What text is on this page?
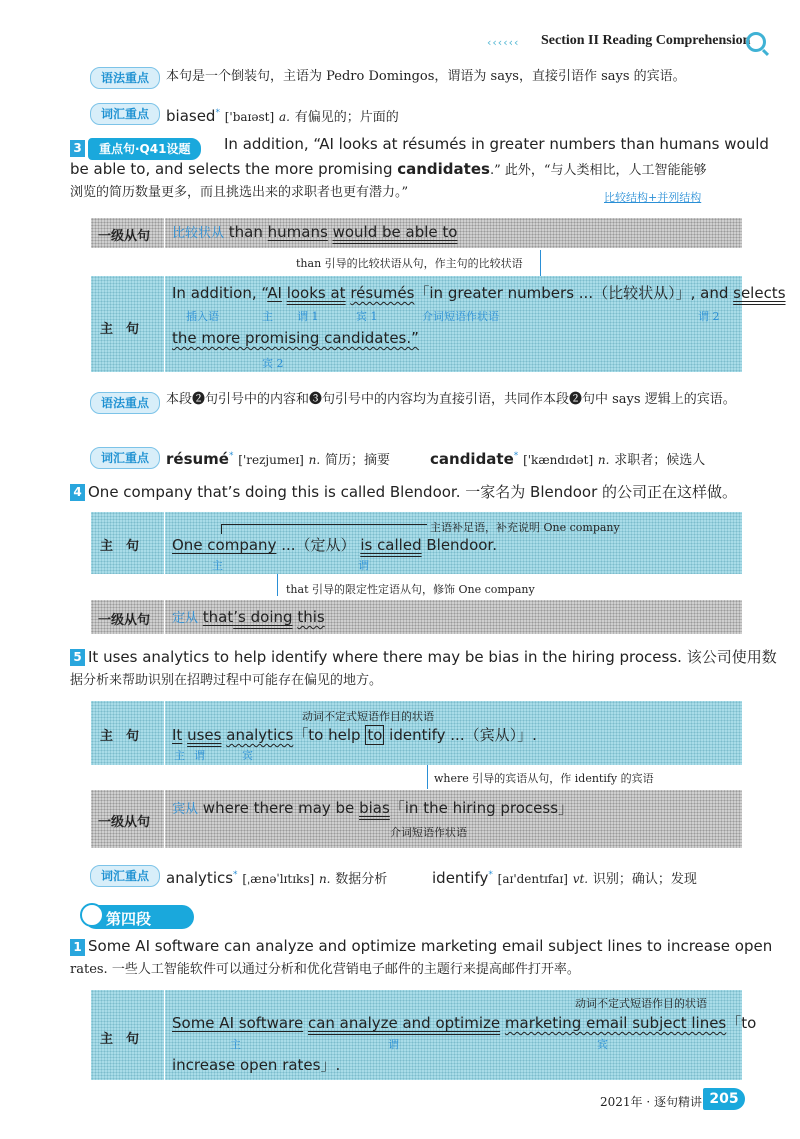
‹‹‹‹‹‹ Section II Reading Comprehension
语法重点	本句是一个倒装句，主语为 Pedro Domingos，谓语为 says，直接引语作 says 的宾语。
词汇重点	biased* ['baɪəst] a. 有偏见的；片面的
3	重点句·Q41设题	In addition, “AI looks at résumés in greater numbers than humans would
be able to, and selects the more promising candidates.” 此外，“与人类相比，人工智能能够
浏览的简历数量更多，而且挑选出来的求职者也更有潜力。”	比较结构+并列结构
一级从句 比较状从 than humans would be able to
than 引导的比较状语从句，作主句的比较状语
主　句
In addition, “AI looks at résumés「in greater numbers ...（比较状从）」, and selects
插入语	主 谓 1	宾 1	介词短语作状语	谓 2
the more promising candidates.”
宾 2
语法重点	本段❷句引号中的内容和❸句引号中的内容均为直接引语，共同作本段❷句中 says 逻辑上的宾语。
词汇重点	résumé* ['rezjumeɪ] n. 简历；摘要	candidate* ['kændɪdət] n. 求职者；候选人
4 One company that’s doing this is called Blendoor. 一家名为 Blendoor 的公司正在这样做。
主　句
主语补足语，补充说明 One company
One company ...（定从） is called Blendoor.
主	谓
that 引导的限定性定语从句，修饰 One company
一级从句 定从 that’s doing this
5 It uses analytics to help identify where there may be bias in the hiring process. 该公司使用数
据分析来帮助识别在招聘过程中可能存在偏见的地方。
主　句
动词不定式短语作目的状语
It uses analytics「to help to identify ...（宾从）」.
主 谓	宾
where 引导的宾语从句，作 identify 的宾语
一级从句
宾从 where there may be bias「in the hiring process」
介词短语作状语
词汇重点	analytics* [ˌænəˈlɪtɪks] n. 数据分析	identify* [aɪ'dentɪfaɪ] vt. 识别；确认；发现
第四段
1 Some AI software can analyze and optimize marketing email subject lines to increase open
rates. 一些人工智能软件可以通过分析和优化营销电子邮件的主题行来提高邮件打开率。
主　句
动词不定式短语作目的状语
Some AI software can analyze and optimize marketing email subject lines「to
主	谓	宾
increase open rates」.
2021年 · 逐句精讲 205
